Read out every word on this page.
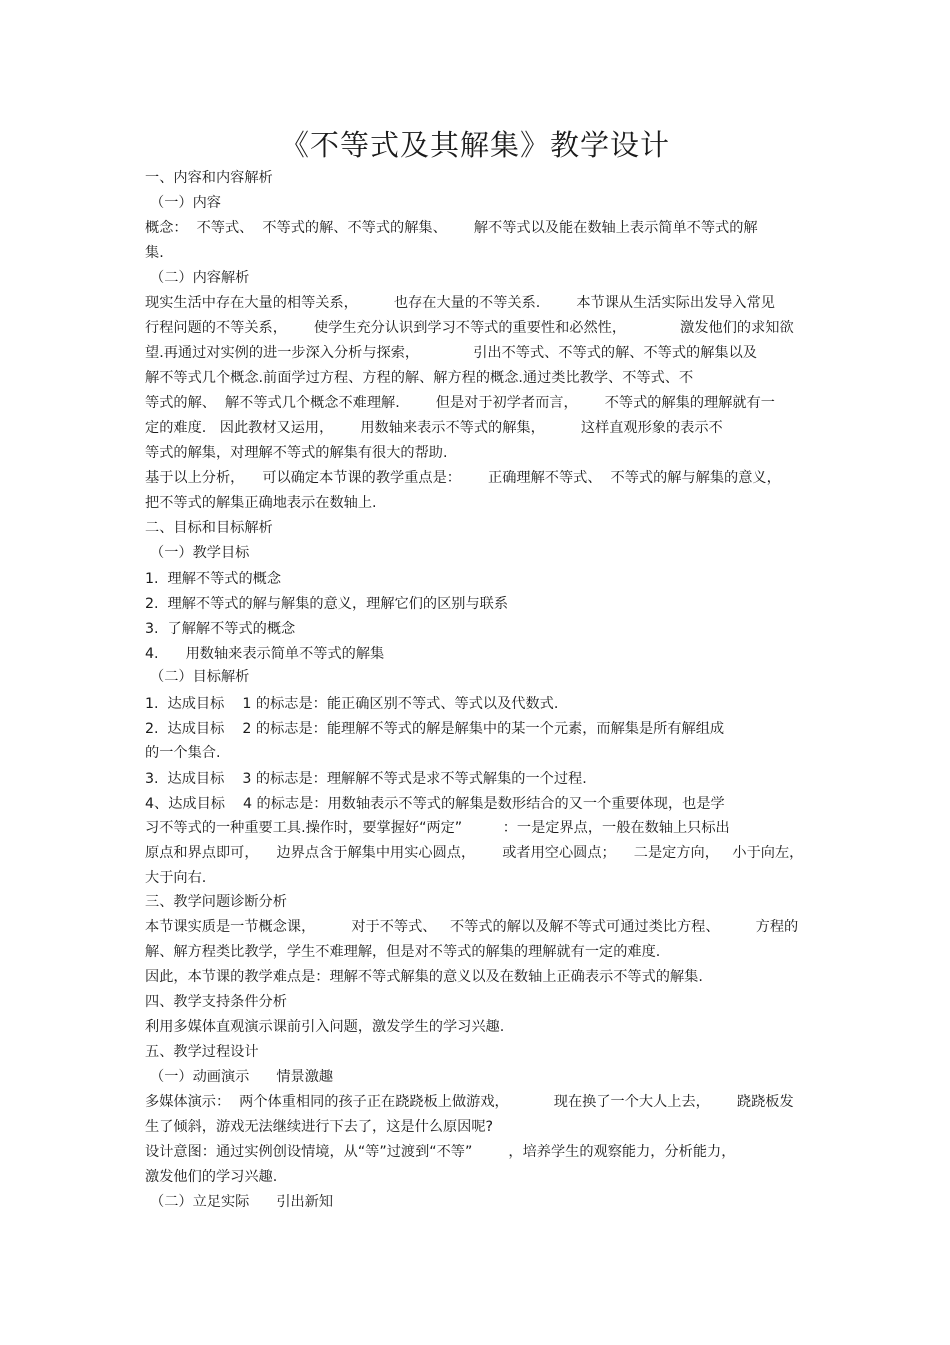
《不等式及其解集》教学设计
一、内容和内容解析
（一）内容
概念：  不等式、  不等式的解、不等式的解集、      解不等式以及能在数轴上表示简单不等式的解
集.
（二）内容解析
现实生活中存在大量的相等关系，        也存在大量的不等关系.        本节课从生活实际出发导入常见
行程问题的不等关系，      使学生充分认识到学习不等式的重要性和必然性，            激发他们的求知欲
望.再通过对实例的进一步深入分析与探索，            引出不等式、不等式的解、不等式的解集以及
解不等式几个概念.前面学过方程、方程的解、解方程的概念.通过类比教学、不等式、不
等式的解、  解不等式几个概念不难理解.        但是对于初学者而言，      不等式的解集的理解就有一
定的难度.   因此教材又运用，      用数轴来表示不等式的解集，        这样直观形象的表示不
等式的解集，对理解不等式的解集有很大的帮助.
基于以上分析，    可以确定本节课的教学重点是：      正确理解不等式、  不等式的解与解集的意义，
把不等式的解集正确地表示在数轴上.
二、目标和目标解析
（一）教学目标
1.  理解不等式的概念
2.  理解不等式的解与解集的意义，理解它们的区别与联系
3.  了解解不等式的概念
4.      用数轴来表示简单不等式的解集
（二）目标解析
1.  达成目标    1 的标志是：能正确区别不等式、等式以及代数式.
2.  达成目标    2 的标志是：能理解不等式的解是解集中的某一个元素，而解集是所有解组成
的一个集合.
3.  达成目标    3 的标志是：理解解不等式是求不等式解集的一个过程.
4、达成目标    4 的标志是：用数轴表示不等式的解集是数形结合的又一个重要体现，也是学
习不等式的一种重要工具.操作时，要掌握好“两定”         ：一是定界点，一般在数轴上只标出
原点和界点即可，    边界点含于解集中用实心圆点，      或者用空心圆点；    二是定方向，   小于向左，
大于向右.
三、教学问题诊断分析
本节课实质是一节概念课，        对于不等式、   不等式的解以及解不等式可通过类比方程、        方程的
解、解方程类比教学，学生不难理解，但是对不等式的解集的理解就有一定的难度.
因此，本节课的教学难点是：理解不等式解集的意义以及在数轴上正确表示不等式的解集.
四、教学支持条件分析
利用多媒体直观演示课前引入问题，激发学生的学习兴趣.
五、教学过程设计
（一）动画演示      情景激趣
多媒体演示：  两个体重相同的孩子正在跷跷板上做游戏，          现在换了一个大人上去，      跷跷板发
生了倾斜，游戏无法继续进行下去了，这是什么原因呢?
设计意图：通过实例创设情境，从“等”过渡到“不等”        ，培养学生的观察能力，分析能力，
激发他们的学习兴趣.
（二）立足实际      引出新知
